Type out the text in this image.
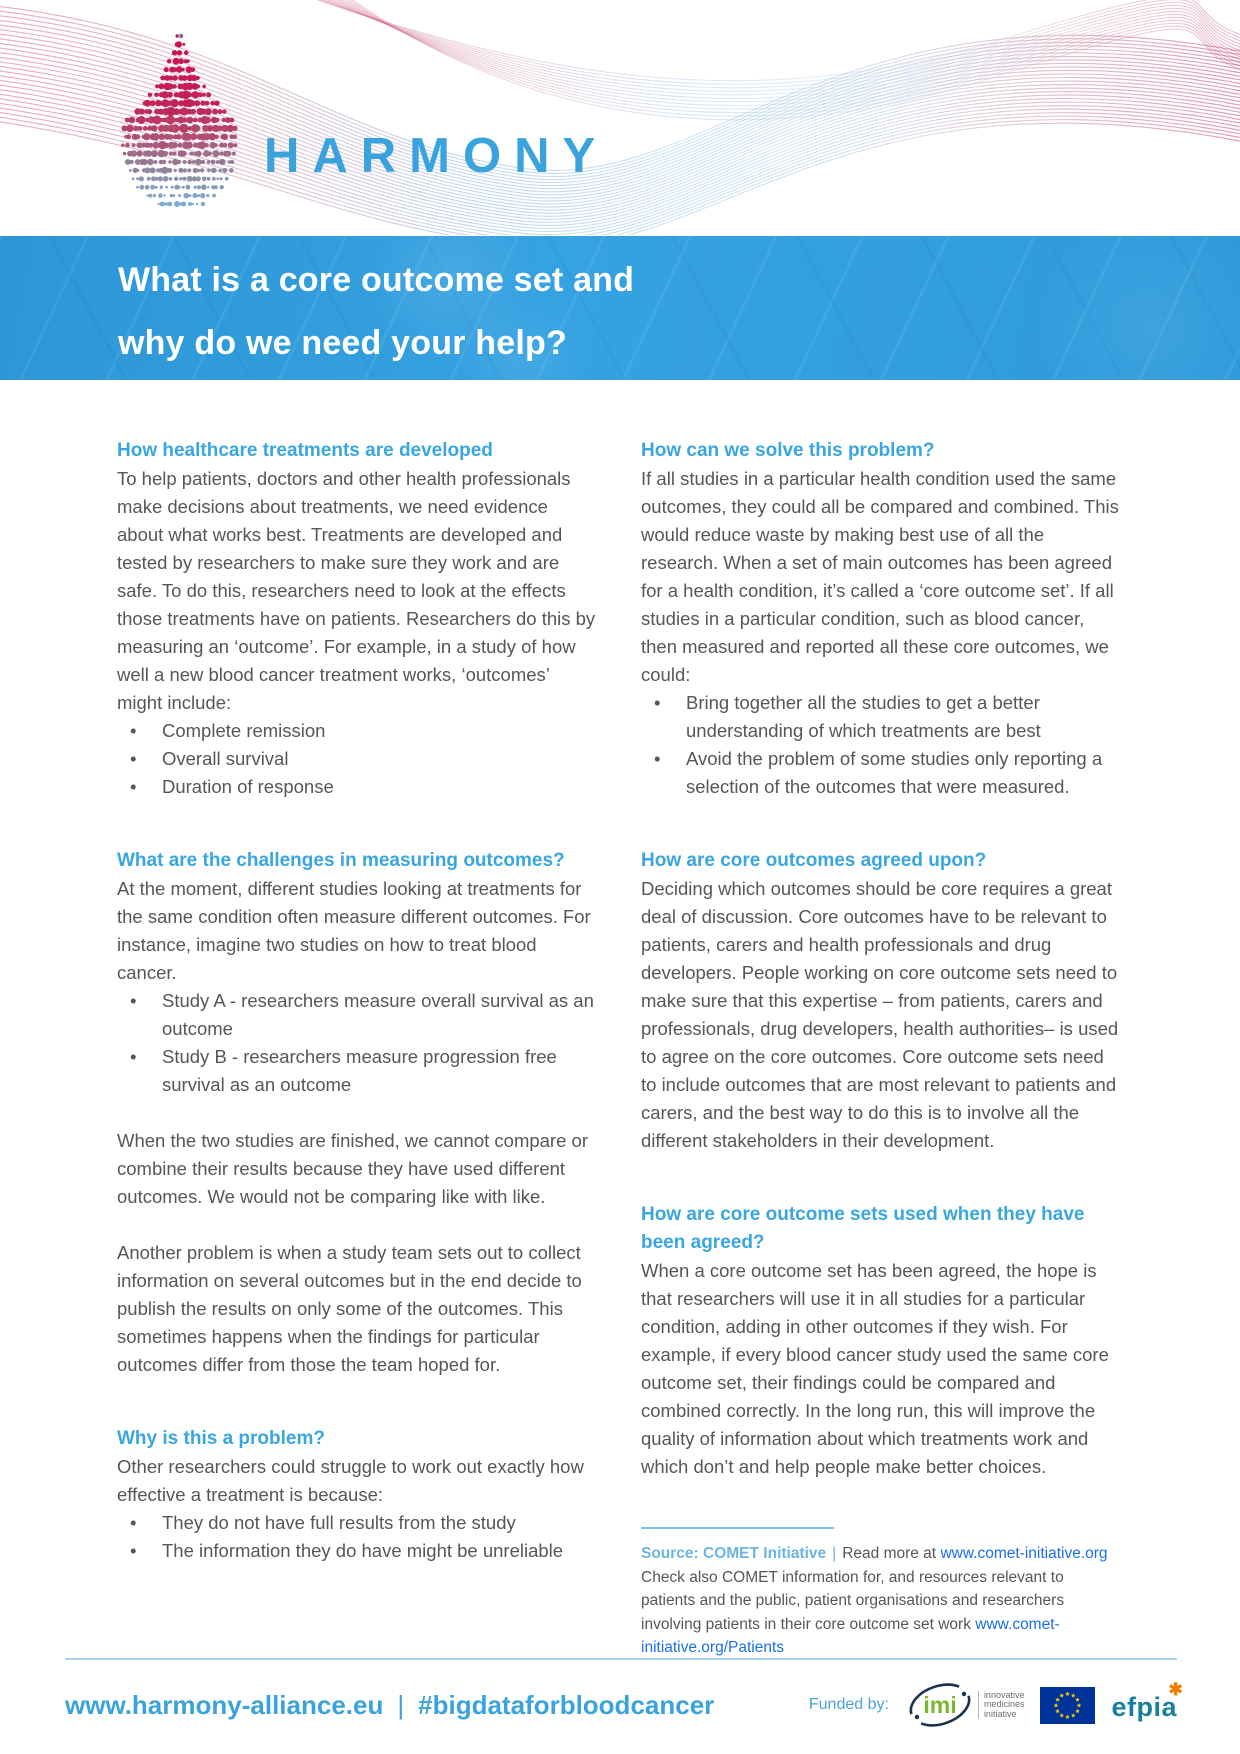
HARMONY
What is a core outcome set and
why do we need your help?
How healthcare treatments are developed

To help patients, doctors and other health professionals make decisions about treatments, we need evidence about what works best. Treatments are developed and tested by researchers to make sure they work and are safe. To do this, researchers need to look at the effects those treatments have on patients. Researchers do this by measuring an ‘outcome’. For example, in a study of how well a new blood cancer treatment works, ‘outcomes’ might include:

• Complete remission
• Overall survival
• Duration of response
What are the challenges in measuring outcomes?

At the moment, different studies looking at treatments for the same condition often measure different outcomes. For instance, imagine two studies on how to treat blood cancer.

• Study A - researchers measure overall survival as an outcome
• Study B - researchers measure progression free survival as an outcome

When the two studies are finished, we cannot compare or combine their results because they have used different outcomes. We would not be comparing like with like.

Another problem is when a study team sets out to collect information on several outcomes but in the end decide to publish the results on only some of the outcomes. This sometimes happens when the findings for particular outcomes differ from those the team hoped for.

Why is this a problem?

Other researchers could struggle to work out exactly how effective a treatment is because:

• They do not have full results from the study
• The information they do have might be unreliable
How can we solve this problem?

If all studies in a particular health condition used the same outcomes, they could all be compared and combined. This would reduce waste by making best use of all the research. When a set of main outcomes has been agreed for a health condition, it’s called a ‘core outcome set’. If all studies in a particular condition, such as blood cancer, then measured and reported all these core outcomes, we could:

• Bring together all the studies to get a better understanding of which treatments are best
• Avoid the problem of some studies only reporting a selection of the outcomes that were measured.
How are core outcomes agreed upon?

Deciding which outcomes should be core requires a great deal of discussion. Core outcomes have to be relevant to patients, carers and health professionals and drug developers. People working on core outcome sets need to make sure that this expertise – from patients, carers and professionals, drug developers, health authorities– is used to agree on the core outcomes. Core outcome sets need to include outcomes that are most relevant to patients and carers, and the best way to do this is to involve all the different stakeholders in their development.

How are core outcome sets used when they have been agreed?

When a core outcome set has been agreed, the hope is that researchers will use it in all studies for a particular condition, adding in other outcomes if they wish. For example, if every blood cancer study used the same core outcome set, their findings could be compared and combined correctly. In the long run, this will improve the quality of information about which treatments work and which don’t and help people make better choices.

Source: COMET Initiative | Read more at www.comet-initiative.org
Check also COMET information for, and resources relevant to patients and the public, patient organisations and researchers involving patients in their core outcome set work www.comet-initiative.org/Patients
www.harmony-alliance.eu | #bigdataforbloodcancer	Funded by: imi	innovative
medicines
initiative	efpia
✱
